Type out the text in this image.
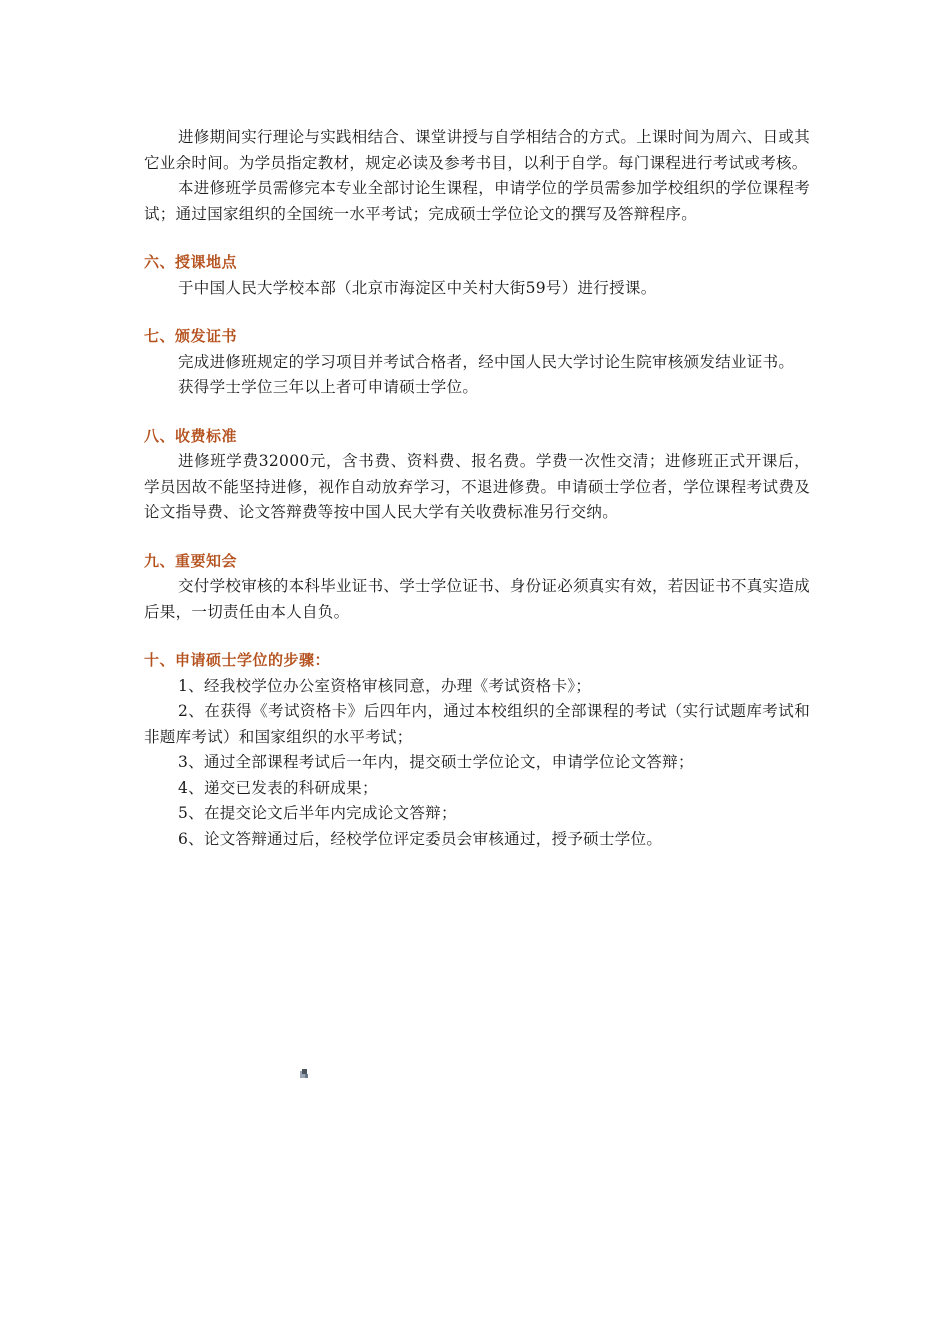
进修期间实行理论与实践相结合、课堂讲授与自学相结合的方式。上课时间为周六、日或其它业余时间。为学员指定教材，规定必读及参考书目，以利于自学。每门课程进行考试或考核。

本进修班学员需修完本专业全部讨论生课程，申请学位的学员需参加学校组织的学位课程考试；通过国家组织的全国统一水平考试；完成硕士学位论文的撰写及答辩程序。

六、授课地点

于中国人民大学校本部（北京市海淀区中关村大街59号）进行授课。

七、颁发证书

完成进修班规定的学习项目并考试合格者，经中国人民大学讨论生院审核颁发结业证书。

获得学士学位三年以上者可申请硕士学位。

八、收费标准

进修班学费32000元，含书费、资料费、报名费。学费一次性交清；进修班正式开课后，学员因故不能坚持进修，视作自动放弃学习，不退进修费。申请硕士学位者，学位课程考试费及论文指导费、论文答辩费等按中国人民大学有关收费标准另行交纳。

九、重要知会

交付学校审核的本科毕业证书、学士学位证书、身份证必须真实有效，若因证书不真实造成后果，一切责任由本人自负。

十、申请硕士学位的步骤：

1、经我校学位办公室资格审核同意，办理《考试资格卡》；

2、在获得《考试资格卡》后四年内，通过本校组织的全部课程的考试（实行试题库考试和非题库考试）和国家组织的水平考试；

3、通过全部课程考试后一年内，提交硕士学位论文，申请学位论文答辩；

4、递交已发表的科研成果；

5、在提交论文后半年内完成论文答辩；

6、论文答辩通过后，经校学位评定委员会审核通过，授予硕士学位。
